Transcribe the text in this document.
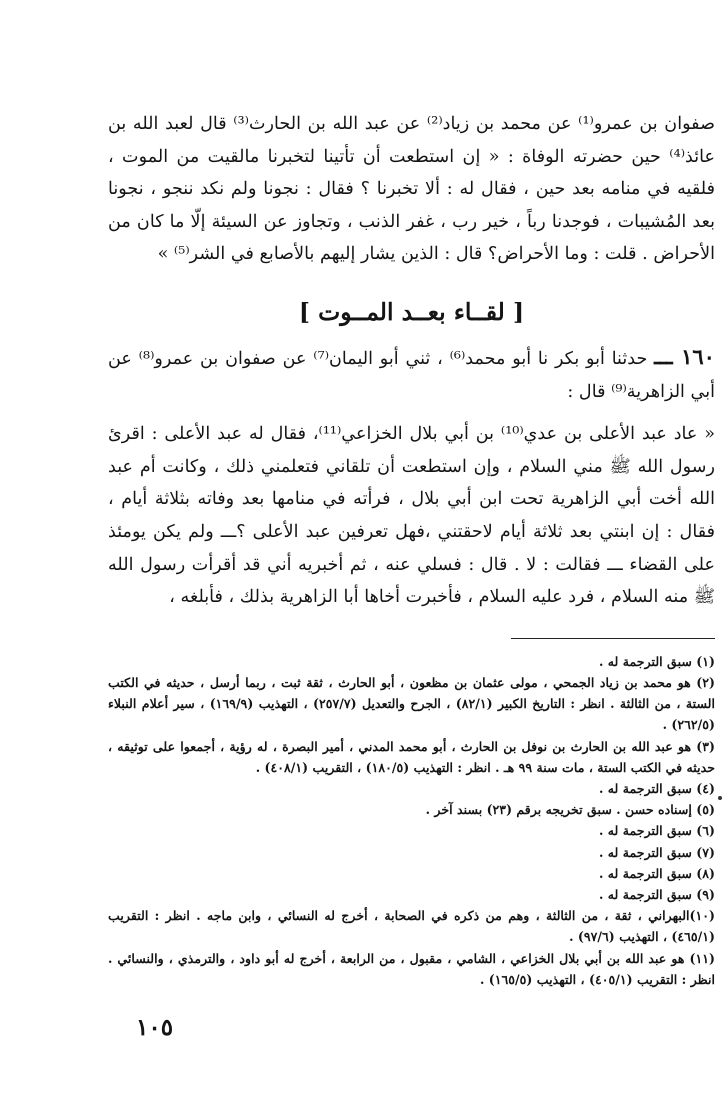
صفوان بن عمرو⁽¹⁾ عن محمد بن زياد⁽²⁾ عن عبد الله بن الحارث⁽³⁾ قال لعبد الله بن عائذ⁽⁴⁾ حين حضرته الوفاة : « إن استطعت أن تأتينا لتخبرنا مالقيت من الموت ، فلقيه في منامه بعد حين ، فقال له : ألا تخبرنا ؟ فقال : نجونا ولم نكد ننجو ، نجونا بعد المُشيبات ، فوجدنا رباً ، خير رب ، غفر الذنب ، وتجاوز عن السيئة إلّا ما كان من الأحراض . قلت : وما الأحراض؟ قال : الذين يشار إليهم بالأصابع في الشر⁽⁵⁾ »

[ لقــاء بعــد المــوت ]

١٦٠ ـــ حدثنا أبو بكر نا أبو محمد⁽⁶⁾ ، ثني أبو اليمان⁽⁷⁾ عن صفوان بن عمرو⁽⁸⁾ عن أبي الزاهرية⁽⁹⁾ قال :

« عاد عبد الأعلى بن عدي⁽¹⁰⁾ بن أبي بلال الخزاعي⁽¹¹⁾، فقال له عبد الأعلى : اقرئ رسول الله ﷺ مني السلام ، وإن استطعت أن تلقاني فتعلمني ذلك ، وكانت أم عبد الله أخت أبي الزاهرية تحت ابن أبي بلال ، فرأته في منامها بعد وفاته بثلاثة أيام ، فقال : إن ابنتي بعد ثلاثة أيام لاحقتني ،فهل تعرفين عبد الأعلى ؟ـــ ولم يكن يومئذ على القضاء ـــ فقالت : لا . قال : فسلي عنه ، ثم أخبريه أني قد أقرأت رسول الله ﷺ منه السلام ، فرد عليه السلام ، فأخبرت أخاها أبا الزاهرية بذلك ، فأبلغه ،

(١) سبق الترجمة له .
(٢) هو محمد بن زياد الجمحي ، مولى عثمان بن مظعون ، أبو الحارث ، ثقة ثبت ، ربما أرسل ، حديثه في الكتب الستة ، من الثالثة . انظر : التاريخ الكبير (٨٢/١) ، الجرح والتعديل (٢٥٧/٧) ، التهذيب (١٦٩/٩) ، سير أعلام النبلاء (٢٦٢/٥) .
(٣) هو عبد الله بن الحارث بن نوفل بن الحارث ، أبو محمد المدني ، أمير البصرة ، له رؤية ، أجمعوا على توثيقه ، حديثه في الكتب الستة ، مات سنة ٩٩ هـ . انظر : التهذيب (١٨٠/٥) ، التقريب (٤٠٨/١) .
(٤) سبق الترجمة له .
(٥) إسناده حسن . سبق تخريجه برقم (٢٣) بسند آخر .
(٦) سبق الترجمة له .
(٧) سبق الترجمة له .
(٨) سبق الترجمة له .
(٩) سبق الترجمة له .
(١٠)البهراني ، ثقة ، من الثالثة ، وهم من ذكره في الصحابة ، أخرج له النسائي ، وابن ماجه . انظر : التقريب (٤٦٥/١) ، التهذيب (٩٧/٦) .
(١١) هو عبد الله بن أبي بلال الخزاعي ، الشامي ، مقبول ، من الرابعة ، أخرج له أبو داود ، والترمذي ، والنسائي . انظر : التقريب (٤٠٥/١) ، التهذيب (١٦٥/٥) .
١٠٥
